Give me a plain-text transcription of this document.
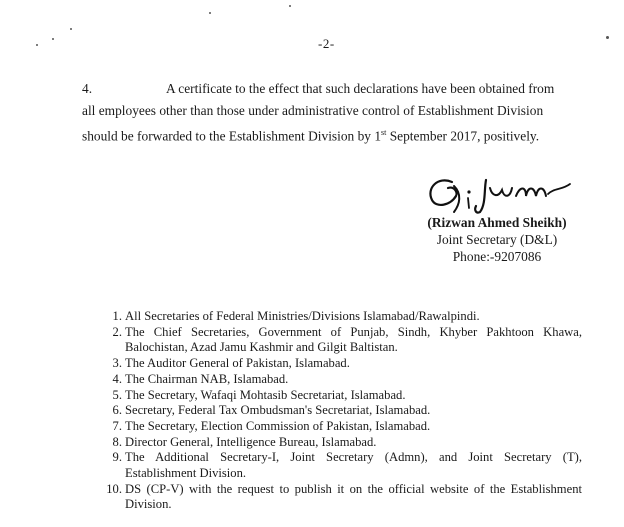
-2-
4.	A certificate to the effect that such declarations have been obtained from
all employees other than those under administrative control of Establishment Division
should be forwarded to the Establishment Division by 1st September 2017, positively.
(Rizwan Ahmed Sheikh)
Joint Secretary (D&L)
Phone:-9207086
1. All Secretaries of Federal Ministries/Divisions Islamabad/Rawalpindi.
2. The Chief Secretaries, Government of Punjab, Sindh, Khyber Pakhtoon Khawa, Balochistan, Azad Jamu Kashmir and Gilgit Baltistan.
3. The Auditor General of Pakistan, Islamabad.
4. The Chairman NAB, Islamabad.
5. The Secretary, Wafaqi Mohtasib Secretariat, Islamabad.
6. Secretary, Federal Tax Ombudsman's Secretariat, Islamabad.
7. The Secretary, Election Commission of Pakistan, Islamabad.
8. Director General, Intelligence Bureau, Islamabad.
9. The Additional Secretary-I, Joint Secretary (Admn), and Joint Secretary (T), Establishment Division.
10. DS (CP-V) with the request to publish it on the official website of the Establishment Division.
